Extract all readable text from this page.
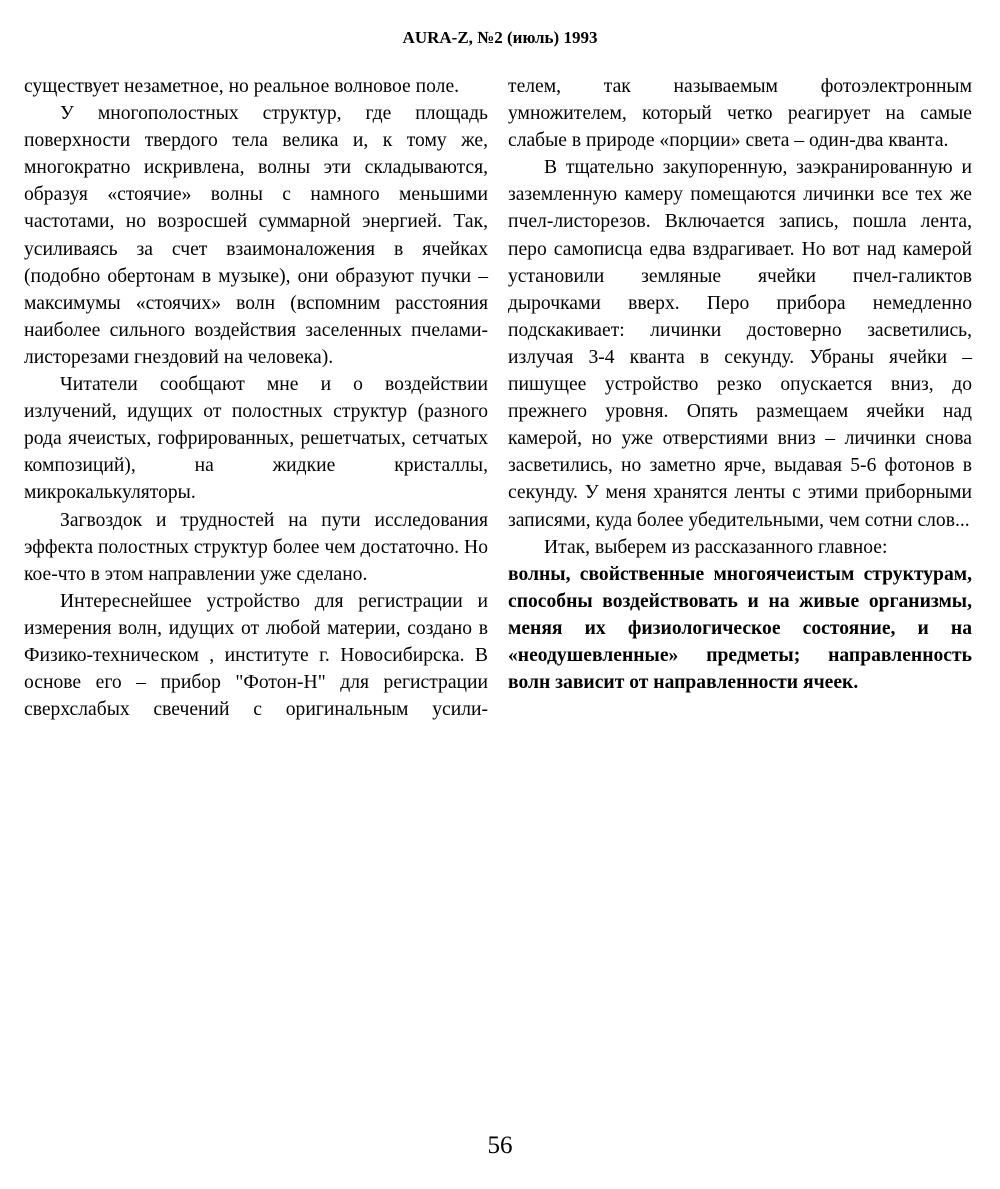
AURA-Z, №2 (июль) 1993

существует незаметное, но реальное волновое поле.

У многополостных структур, где площадь поверхности твердого тела велика и, к тому же, многократно искривлена, волны эти складываются, образуя «стоячие» волны с намного меньшими частотами, но возросшей суммарной энергией. Так, усиливаясь за счет взаимоналожения в ячейках (подобно обертонам в музыке), они образуют пучки – максимумы «стоячих» волн (вспомним расстояния наиболее сильного воздействия заселенных пчелами-листорезами гнездовий на человека).

Читатели сообщают мне и о воздействии излучений, идущих от полостных структур (разного рода ячеистых, гофрированных, решетчатых, сетчатых композиций), на жидкие кристаллы, микрокалькуляторы.

Загвоздок и трудностей на пути исследования эффекта полостных структур более чем достаточно. Но кое-что в этом направлении уже сделано.

Интереснейшее устройство для регистрации и измерения волн, идущих от любой материи, создано в Физико-техническом , институте г. Новосибирска. В основе его – прибор "Фотон-Н" для регистрации сверхслабых свечений с оригинальным усили-

телем, так называемым фотоэлектронным умножителем, который четко реагирует на самые слабые в природе «порции» света – один-два кванта.

В тщательно закупоренную, заэкранированную и заземленную камеру помещаются личинки все тех же пчел-листорезов. Включается запись, пошла лента, перо самописца едва вздрагивает. Но вот над камерой установили земляные ячейки пчел-галиктов дырочками вверх. Перо прибора немедленно подскакивает: личинки достоверно засветились, излучая 3-4 кванта в секунду. Убраны ячейки – пишущее устройство резко опускается вниз, до прежнего уровня. Опять размещаем ячейки над камерой, но уже отверстиями вниз – личинки снова засветились, но заметно ярче, выдавая 5-6 фотонов в секунду. У меня хранятся ленты с этими приборными записями, куда более убедительными, чем сотни слов...

Итак, выберем из рассказанного главное:

волны, свойственные многоячеистым структурам, способны воздействовать и на живые организмы, меняя их физиологическое состояние, и на «неодушевленные» предметы; направленность волн зависит от направленности ячеек.

56
